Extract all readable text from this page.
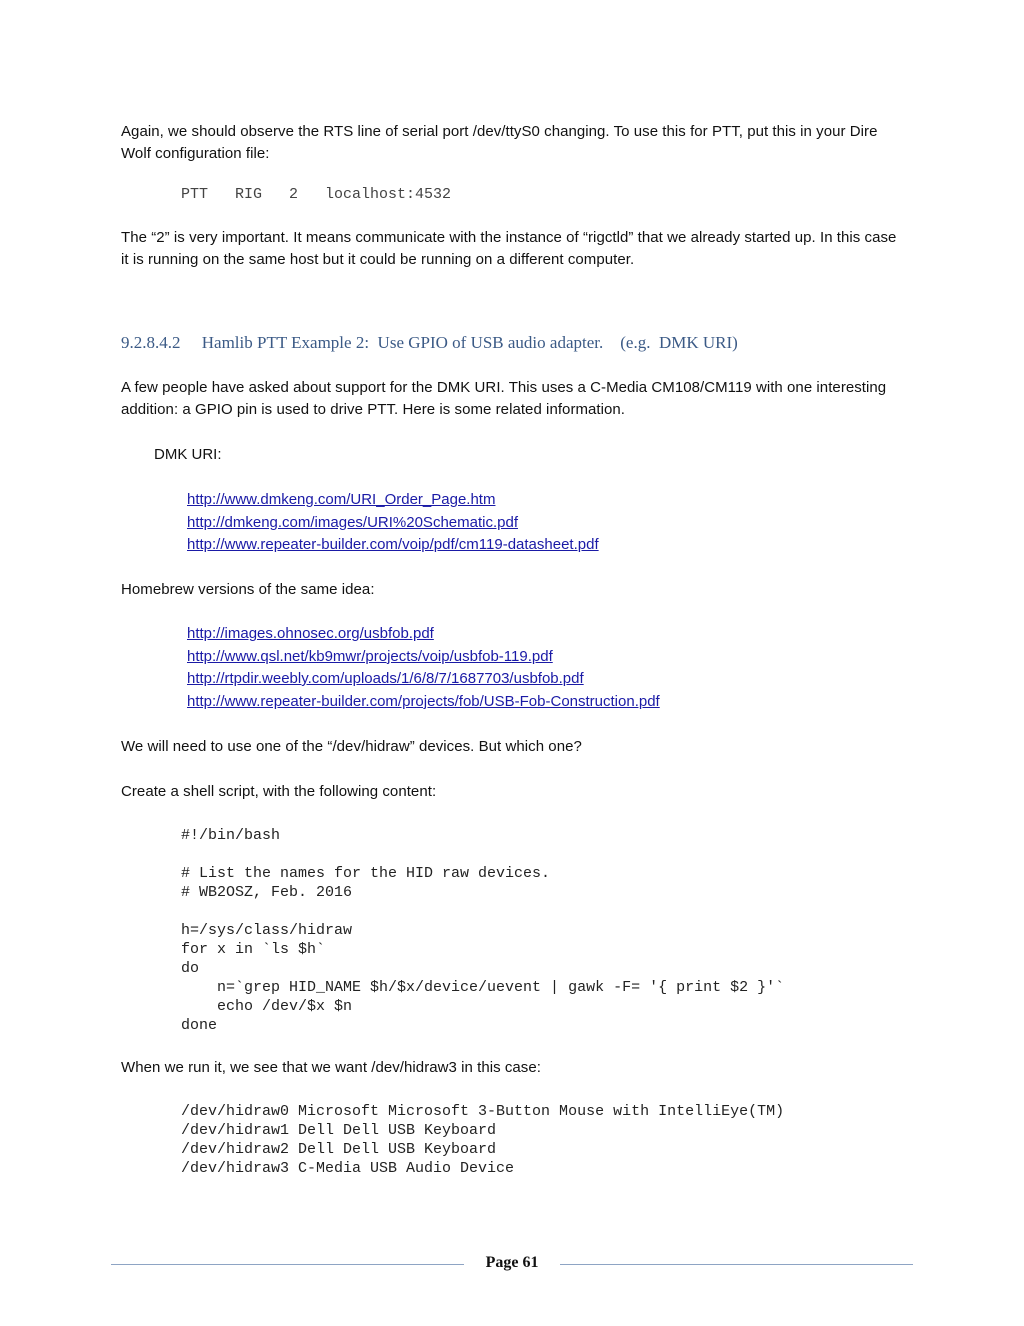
Again, we should observe the RTS line of serial port /dev/ttyS0 changing. To use this for PTT, put this in your Dire Wolf configuration file:
PTT   RIG   2   localhost:4532
The “2” is very important. It means communicate with the instance of “rigctld” that we already started up. In this case it is running on the same host but it could be running on a different computer.
9.2.8.4.2     Hamlib PTT Example 2:  Use GPIO of USB audio adapter.    (e.g.  DMK URI)
A few people have asked about support for the DMK URI. This uses a C-Media CM108/CM119 with one interesting addition: a GPIO pin is used to drive PTT. Here is some related information.
DMK URI:
http://www.dmkeng.com/URI_Order_Page.htm
http://dmkeng.com/images/URI%20Schematic.pdf
http://www.repeater-builder.com/voip/pdf/cm119-datasheet.pdf
Homebrew versions of the same idea:
http://images.ohnosec.org/usbfob.pdf
http://www.qsl.net/kb9mwr/projects/voip/usbfob-119.pdf
http://rtpdir.weebly.com/uploads/1/6/8/7/1687703/usbfob.pdf
http://www.repeater-builder.com/projects/fob/USB-Fob-Construction.pdf
We will need to use one of the “/dev/hidraw” devices. But which one?
Create a shell script, with the following content:
#!/bin/bash

# List the names for the HID raw devices.
# WB2OSZ, Feb. 2016

h=/sys/class/hidraw
for x in `ls $h`
do
n=`grep HID_NAME $h/$x/device/uevent | gawk -F= '{ print $2 }'`
echo /dev/$x $n
done
When we run it, we see that we want /dev/hidraw3 in this case:
/dev/hidraw0 Microsoft Microsoft 3-Button Mouse with IntelliEye(TM)
/dev/hidraw1 Dell Dell USB Keyboard
/dev/hidraw2 Dell Dell USB Keyboard
/dev/hidraw3 C-Media USB Audio Device
Page 61
